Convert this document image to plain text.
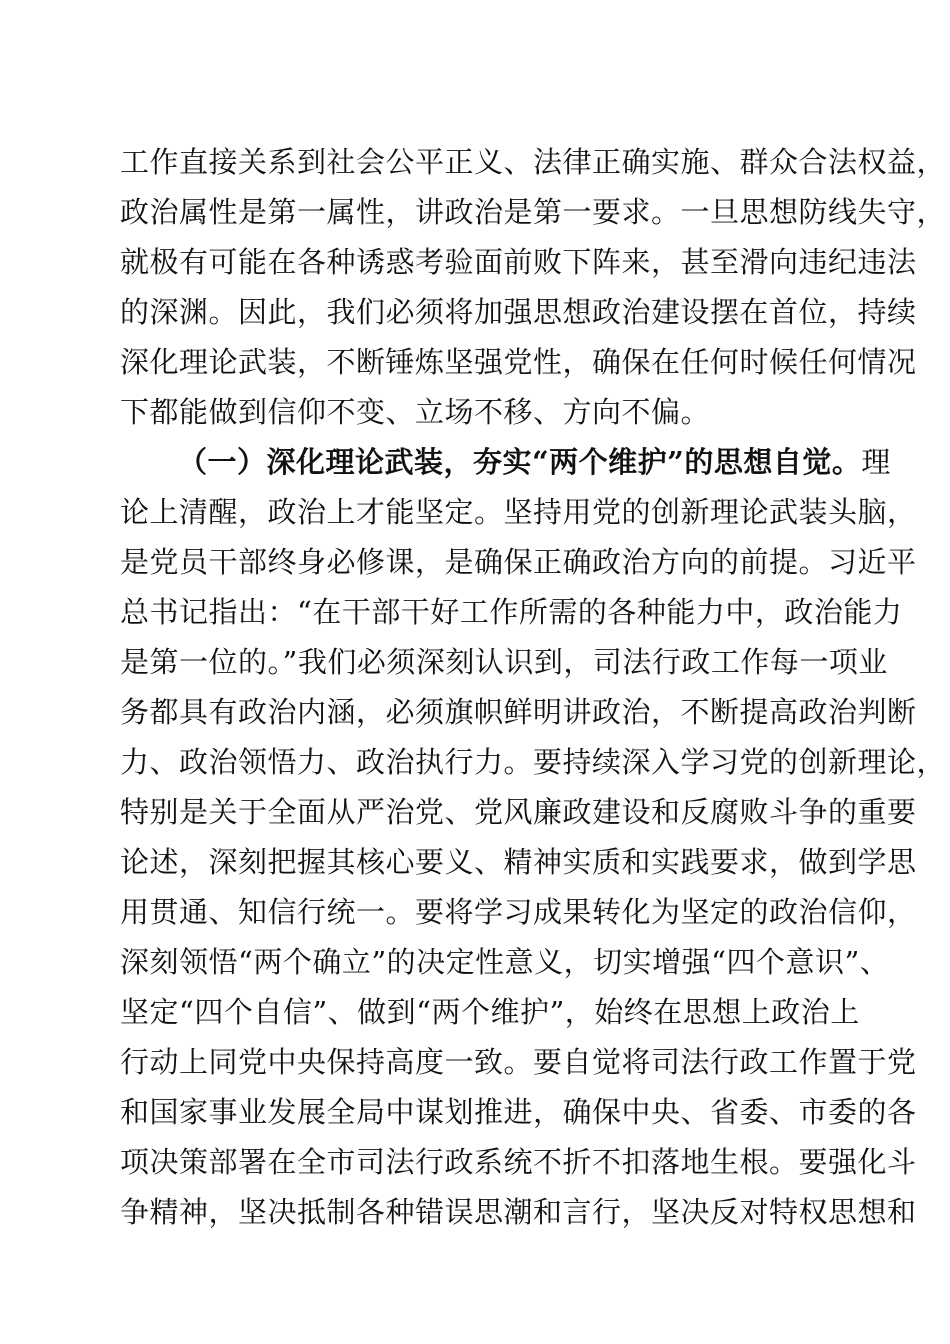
工作直接关系到社会公平正义、法律正确实施、群众合法权益，
政治属性是第一属性，讲政治是第一要求。一旦思想防线失守，
就极有可能在各种诱惑考验面前败下阵来，甚至滑向违纪违法
的深渊。因此，我们必须将加强思想政治建设摆在首位，持续
深化理论武装，不断锤炼坚强党性，确保在任何时候任何情况
下都能做到信仰不变、立场不移、方向不偏。
（一）深化理论武装，夯实“两个维护”的思想自觉。理
论上清醒，政治上才能坚定。坚持用党的创新理论武装头脑，
是党员干部终身必修课，是确保正确政治方向的前提。习近平
总书记指出：“在干部干好工作所需的各种能力中，政治能力
是第一位的。”我们必须深刻认识到，司法行政工作每一项业
务都具有政治内涵，必须旗帜鲜明讲政治，不断提高政治判断
力、政治领悟力、政治执行力。要持续深入学习党的创新理论，
特别是关于全面从严治党、党风廉政建设和反腐败斗争的重要
论述，深刻把握其核心要义、精神实质和实践要求，做到学思
用贯通、知信行统一。要将学习成果转化为坚定的政治信仰，
深刻领悟“两个确立”的决定性意义，切实增强“四个意识”、
坚定“四个自信”、做到“两个维护”，始终在思想上政治上
行动上同党中央保持高度一致。要自觉将司法行政工作置于党
和国家事业发展全局中谋划推进，确保中央、省委、市委的各
项决策部署在全市司法行政系统不折不扣落地生根。要强化斗
争精神，坚决抵制各种错误思潮和言行，坚决反对特权思想和
